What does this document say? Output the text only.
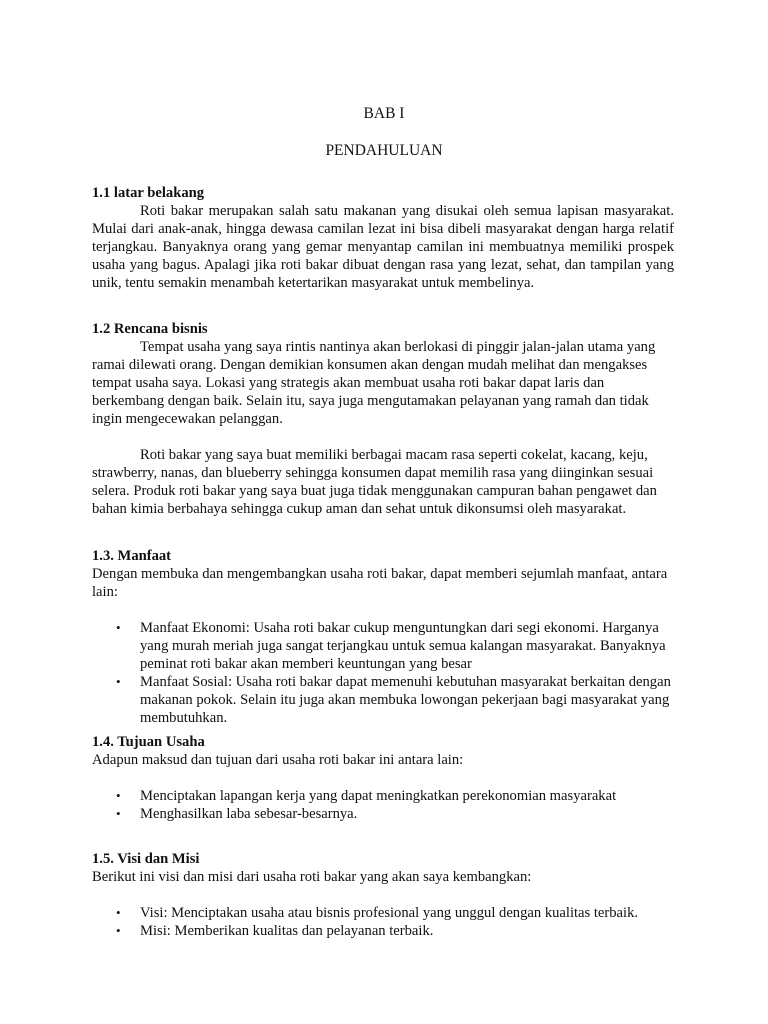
BAB I
PENDAHULUAN
1.1 latar belakang

Roti bakar merupakan salah satu makanan yang disukai oleh semua lapisan masyarakat. Mulai dari anak-anak, hingga dewasa camilan lezat ini bisa dibeli masyarakat dengan harga relatif terjangkau. Banyaknya orang yang gemar menyantap camilan ini membuatnya memiliki prospek usaha yang bagus. Apalagi jika roti bakar dibuat dengan rasa yang lezat, sehat, dan tampilan yang unik, tentu semakin menambah ketertarikan masyarakat untuk membelinya.

1.2 Rencana bisnis

Tempat usaha yang saya rintis nantinya akan berlokasi di pinggir jalan-jalan utama yang ramai dilewati orang. Dengan demikian konsumen akan dengan mudah melihat dan mengakses tempat usaha saya. Lokasi yang strategis akan membuat usaha roti bakar dapat laris dan berkembang dengan baik. Selain itu, saya juga mengutamakan pelayanan yang ramah dan tidak ingin mengecewakan pelanggan.

Roti bakar yang saya buat memiliki berbagai macam rasa seperti cokelat, kacang, keju, strawberry, nanas, dan blueberry sehingga konsumen dapat memilih rasa yang diinginkan sesuai selera. Produk roti bakar yang saya buat juga tidak menggunakan campuran bahan pengawet dan bahan kimia berbahaya sehingga cukup aman dan sehat untuk dikonsumsi oleh masyarakat.

1.3. Manfaat

Dengan membuka dan mengembangkan usaha roti bakar, dapat memberi sejumlah manfaat, antara lain:

• Manfaat Ekonomi: Usaha roti bakar cukup menguntungkan dari segi ekonomi. Harganya yang murah meriah juga sangat terjangkau untuk semua kalangan masyarakat. Banyaknya peminat roti bakar akan memberi keuntungan yang besar
• Manfaat Sosial: Usaha roti bakar dapat memenuhi kebutuhan masyarakat berkaitan dengan makanan pokok. Selain itu juga akan membuka lowongan pekerjaan bagi masyarakat yang membutuhkan.
1.4. Tujuan Usaha

Adapun maksud dan tujuan dari usaha roti bakar ini antara lain:

• Menciptakan lapangan kerja yang dapat meningkatkan perekonomian masyarakat
• Menghasilkan laba sebesar-besarnya.
1.5. Visi dan Misi

Berikut ini visi dan misi dari usaha roti bakar yang akan saya kembangkan:

• Visi: Menciptakan usaha atau bisnis profesional yang unggul dengan kualitas terbaik.
• Misi: Memberikan kualitas dan pelayanan terbaik.
